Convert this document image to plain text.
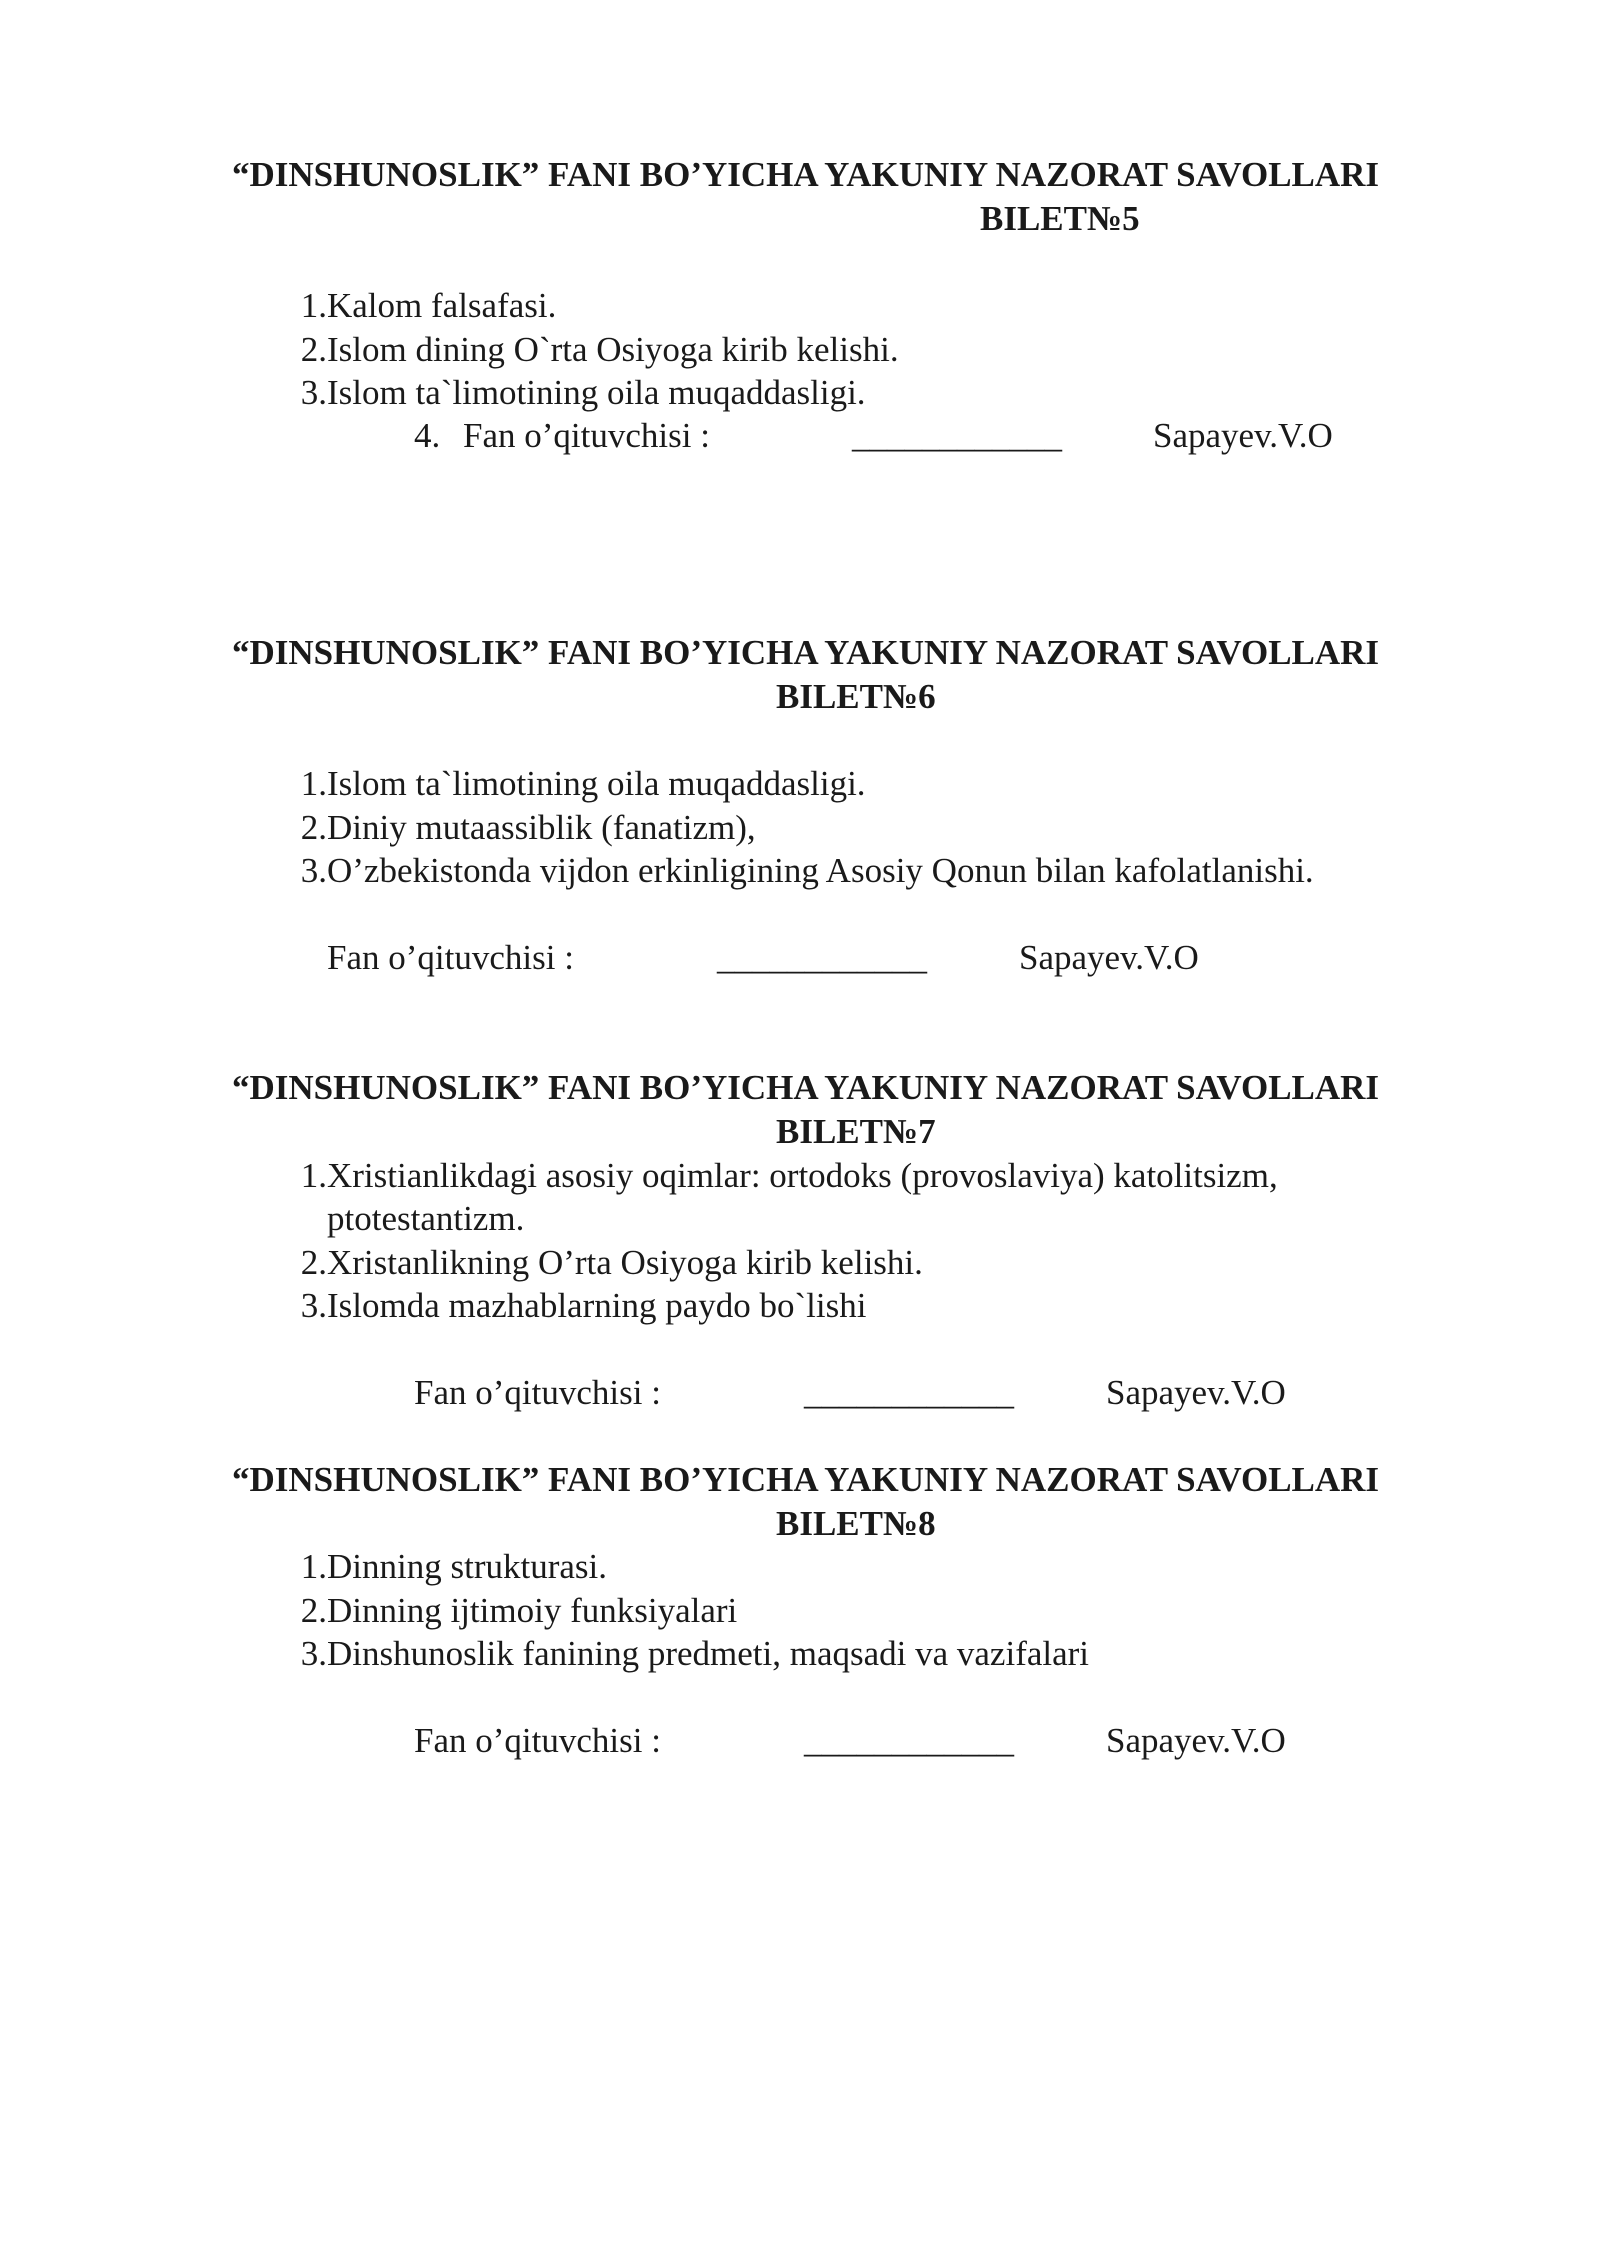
“DINSHUNOSLIK” FANI BO’YICHA YAKUNIY NAZORAT SAVOLLARI
BILET№5
1. Kalom falsafasi.
2. Islom dining O`rta Osiyoga kirib kelishi.
3. Islom ta`limotining oila muqaddasligi.
4. Fan o’qituvchisi :	____________	Sapayev.V.O
“DINSHUNOSLIK” FANI BO’YICHA YAKUNIY NAZORAT SAVOLLARI
BILET№6
1. Islom ta`limotining oila muqaddasligi.
2. Diniy mutaassiblik (fanatizm),
3. O’zbekistonda vijdon erkinligining Asosiy Qonun bilan kafolatlanishi.
Fan o’qituvchisi :	____________	Sapayev.V.O
“DINSHUNOSLIK” FANI BO’YICHA YAKUNIY NAZORAT SAVOLLARI
BILET№7
1. Xristianlikdagi asosiy oqimlar: ortodoks (provoslaviya) katolitsizm,
ptotestantizm.
2. Xristanlikning O’rta Osiyoga kirib kelishi.
3. Islomda mazhablarning paydo bo`lishi
Fan o’qituvchisi :	____________	Sapayev.V.O
“DINSHUNOSLIK” FANI BO’YICHA YAKUNIY NAZORAT SAVOLLARI
BILET№8
1. Dinning strukturasi.
2. Dinning ijtimoiy funksiyalari
3. Dinshunoslik fanining predmeti, maqsadi va vazifalari
Fan o’qituvchisi :	____________	Sapayev.V.O
